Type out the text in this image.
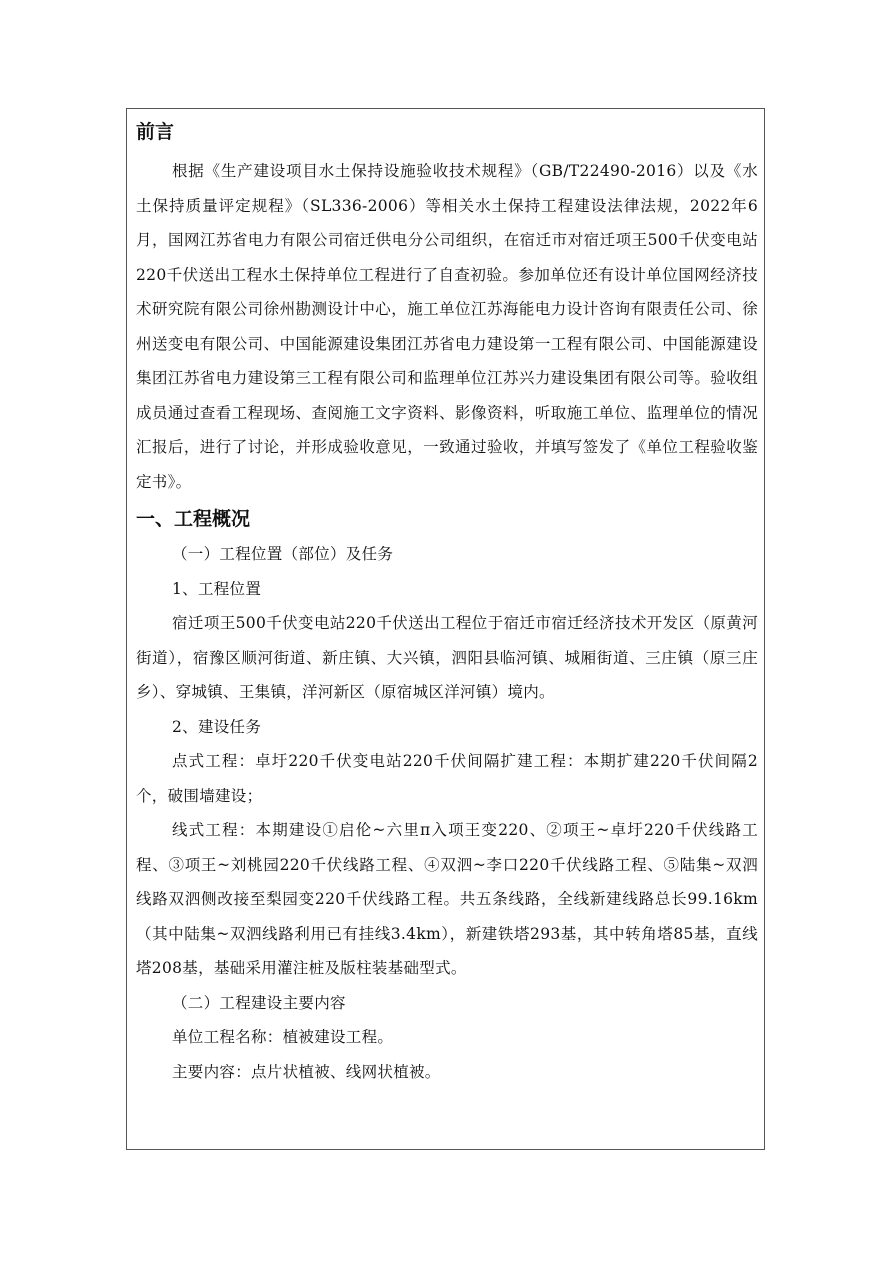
前言

根据《生产建设项目水土保持设施验收技术规程》（GB/T22490-2016）以及《水土保持质量评定规程》（SL336-2006）等相关水土保持工程建设法律法规，2022年6月，国网江苏省电力有限公司宿迁供电分公司组织，在宿迁市对宿迁项王500千伏变电站220千伏送出工程水土保持单位工程进行了自查初验。参加单位还有设计单位国网经济技术研究院有限公司徐州勘测设计中心，施工单位江苏海能电力设计咨询有限责任公司、徐州送变电有限公司、中国能源建设集团江苏省电力建设第一工程有限公司、中国能源建设集团江苏省电力建设第三工程有限公司和监理单位江苏兴力建设集团有限公司等。验收组成员通过查看工程现场、查阅施工文字资料、影像资料，听取施工单位、监理单位的情况汇报后，进行了讨论，并形成验收意见，一致通过验收，并填写签发了《单位工程验收鉴定书》。

一、工程概况

（一）工程位置（部位）及任务

1、工程位置

宿迁项王500千伏变电站220千伏送出工程位于宿迁市宿迁经济技术开发区（原黄河街道），宿豫区顺河街道、新庄镇、大兴镇，泗阳县临河镇、城厢街道、三庄镇（原三庄乡）、穿城镇、王集镇，洋河新区（原宿城区洋河镇）境内。

2、建设任务

点式工程：卓圩220千伏变电站220千伏间隔扩建工程：本期扩建220千伏间隔2个，破围墙建设；

线式工程：本期建设①启伦~六里π入项王变220、②项王~卓圩220千伏线路工程、③项王~刘桃园220千伏线路工程、④双泗~李口220千伏线路工程、⑤陆集~双泗线路双泗侧改接至梨园变220千伏线路工程。共五条线路，全线新建线路总长99.16km（其中陆集~双泗线路利用已有挂线3.4km），新建铁塔293基，其中转角塔85基，直线塔208基，基础采用灌注桩及版柱装基础型式。

（二）工程建设主要内容

单位工程名称：植被建设工程。

主要内容：点片状植被、线网状植被。
